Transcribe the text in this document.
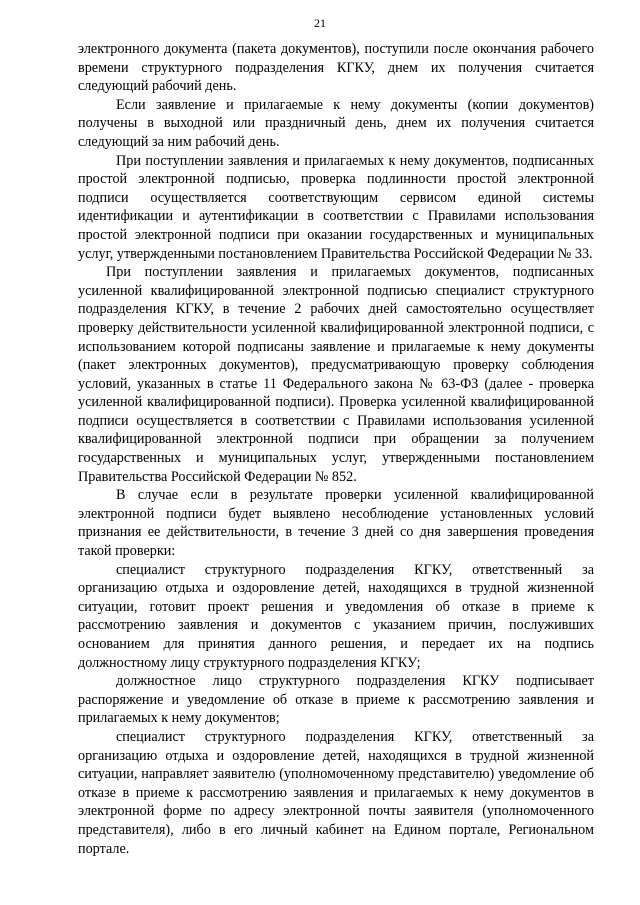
21

электронного документа (пакета документов), поступили после окончания рабочего времени структурного подразделения КГКУ, днем их получения считается следующий рабочий день.

Если заявление и прилагаемые к нему документы (копии документов) получены в выходной или праздничный день, днем их получения считается следующий за ним рабочий день.

При поступлении заявления и прилагаемых к нему документов, подписанных простой электронной подписью, проверка подлинности простой электронной подписи осуществляется соответствующим сервисом единой системы идентификации и аутентификации в соответствии с Правилами использования простой электронной подписи при оказании государственных и муниципальных услуг, утвержденными постановлением Правительства Российской Федерации № 33.

При поступлении заявления и прилагаемых документов, подписанных усиленной квалифицированной электронной подписью специалист структурного подразделения КГКУ, в течение 2 рабочих дней самостоятельно осуществляет проверку действительности усиленной квалифицированной электронной подписи, с использованием которой подписаны заявление и прилагаемые к нему документы (пакет электронных документов), предусматривающую проверку соблюдения условий, указанных в статье 11 Федерального закона № 63-ФЗ (далее - проверка усиленной квалифицированной подписи). Проверка усиленной квалифицированной подписи осуществляется в соответствии с Правилами использования усиленной квалифицированной электронной подписи при обращении за получением государственных и муниципальных услуг, утвержденными постановлением Правительства Российской Федерации № 852.

В случае если в результате проверки усиленной квалифицированной электронной подписи будет выявлено несоблюдение установленных условий признания ее действительности, в течение 3 дней со дня завершения проведения такой проверки:

специалист структурного подразделения КГКУ, ответственный за организацию отдыха и оздоровление детей, находящихся в трудной жизненной ситуации, готовит проект решения и уведомления об отказе в приеме к рассмотрению заявления и документов с указанием причин, послуживших основанием для принятия данного решения, и передает их на подпись должностному лицу структурного подразделения КГКУ;

должностное лицо структурного подразделения КГКУ подписывает распоряжение и уведомление об отказе в приеме к рассмотрению заявления и прилагаемых к нему документов;

специалист структурного подразделения КГКУ, ответственный за организацию отдыха и оздоровление детей, находящихся в трудной жизненной ситуации, направляет заявителю (уполномоченному представителю) уведомление об отказе в приеме к рассмотрению заявления и прилагаемых к нему документов в электронной форме по адресу электронной почты заявителя (уполномоченного представителя), либо в его личный кабинет на Едином портале, Региональном портале.
